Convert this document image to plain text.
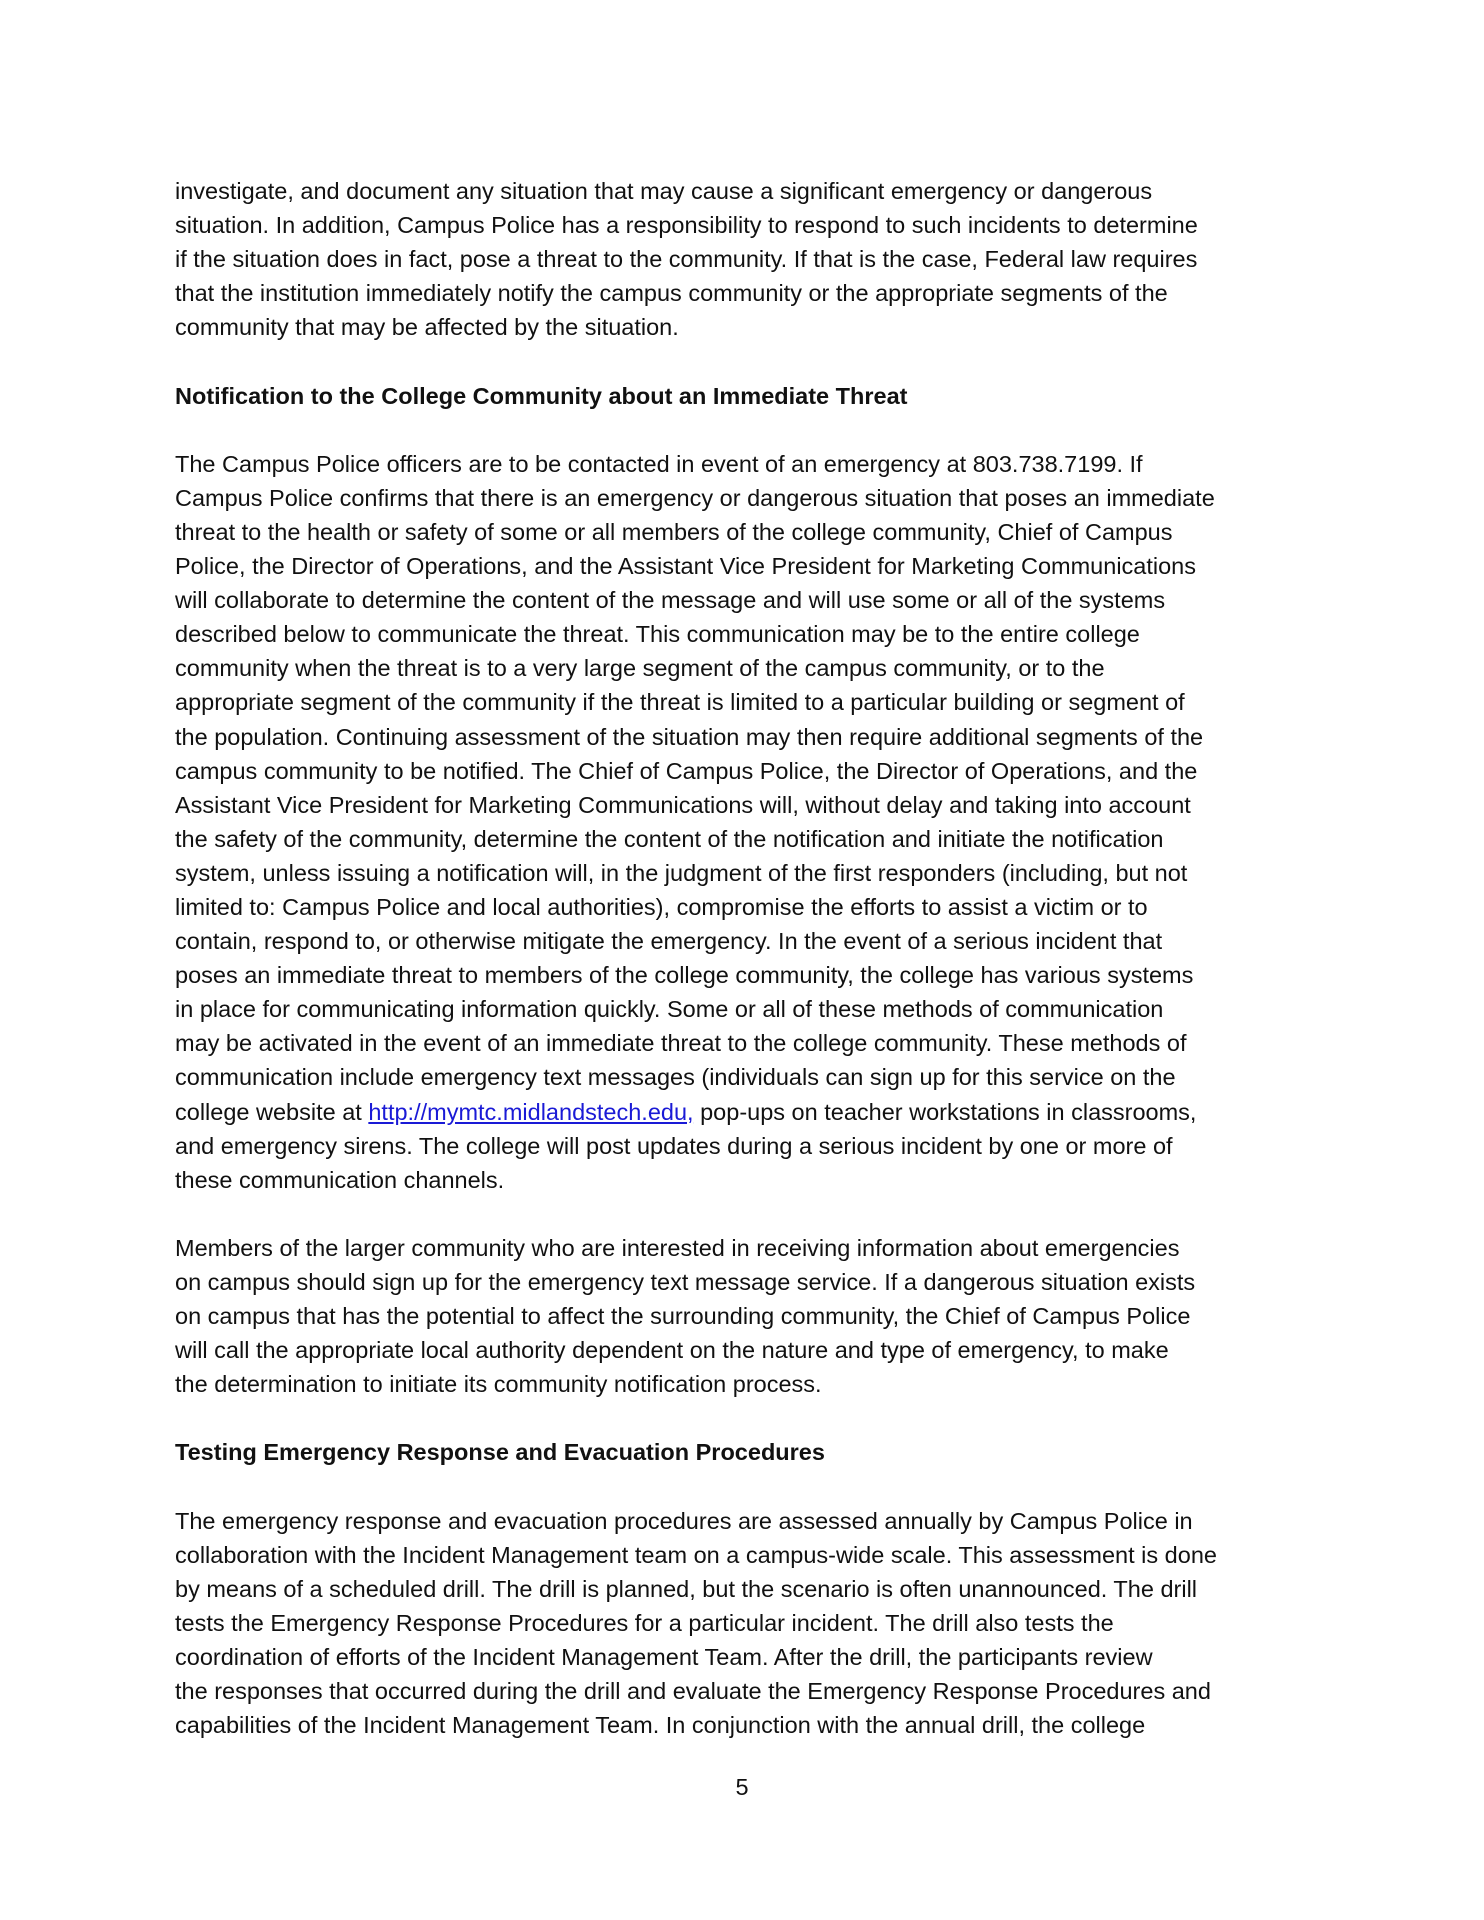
investigate, and document any situation that may cause a significant emergency or dangerous
situation. In addition, Campus Police has a responsibility to respond to such incidents to determine
if the situation does in fact, pose a threat to the community. If that is the case, Federal law requires
that the institution immediately notify the campus community or the appropriate segments of the
community that may be affected by the situation.

Notification to the College Community about an Immediate Threat

The Campus Police officers are to be contacted in event of an emergency at 803.738.7199. If
Campus Police confirms that there is an emergency or dangerous situation that poses an immediate
threat to the health or safety of some or all members of the college community, Chief of Campus
Police, the Director of Operations, and the Assistant Vice President for Marketing Communications
will collaborate to determine the content of the message and will use some or all of the systems
described below to communicate the threat. This communication may be to the entire college
community when the threat is to a very large segment of the campus community, or to the
appropriate segment of the community if the threat is limited to a particular building or segment of
the population. Continuing assessment of the situation may then require additional segments of the
campus community to be notified. The Chief of Campus Police, the Director of Operations, and the
Assistant Vice President for Marketing Communications will, without delay and taking into account
the safety of the community, determine the content of the notification and initiate the notification
system, unless issuing a notification will, in the judgment of the first responders (including, but not
limited to: Campus Police and local authorities), compromise the efforts to assist a victim or to
contain, respond to, or otherwise mitigate the emergency. In the event of a serious incident that
poses an immediate threat to members of the college community, the college has various systems
in place for communicating information quickly. Some or all of these methods of communication
may be activated in the event of an immediate threat to the college community. These methods of
communication include emergency text messages (individuals can sign up for this service on the
college website at http://mymtc.midlandstech.edu, pop-ups on teacher workstations in classrooms,
and emergency sirens. The college will post updates during a serious incident by one or more of
these communication channels.

Members of the larger community who are interested in receiving information about emergencies
on campus should sign up for the emergency text message service. If a dangerous situation exists
on campus that has the potential to affect the surrounding community, the Chief of Campus Police
will call the appropriate local authority dependent on the nature and type of emergency, to make
the determination to initiate its community notification process.

Testing Emergency Response and Evacuation Procedures

The emergency response and evacuation procedures are assessed annually by Campus Police in
collaboration with the Incident Management team on a campus-wide scale. This assessment is done
by means of a scheduled drill. The drill is planned, but the scenario is often unannounced. The drill
tests the Emergency Response Procedures for a particular incident. The drill also tests the
coordination of efforts of the Incident Management Team. After the drill, the participants review
the responses that occurred during the drill and evaluate the Emergency Response Procedures and
capabilities of the Incident Management Team. In conjunction with the annual drill, the college

5
